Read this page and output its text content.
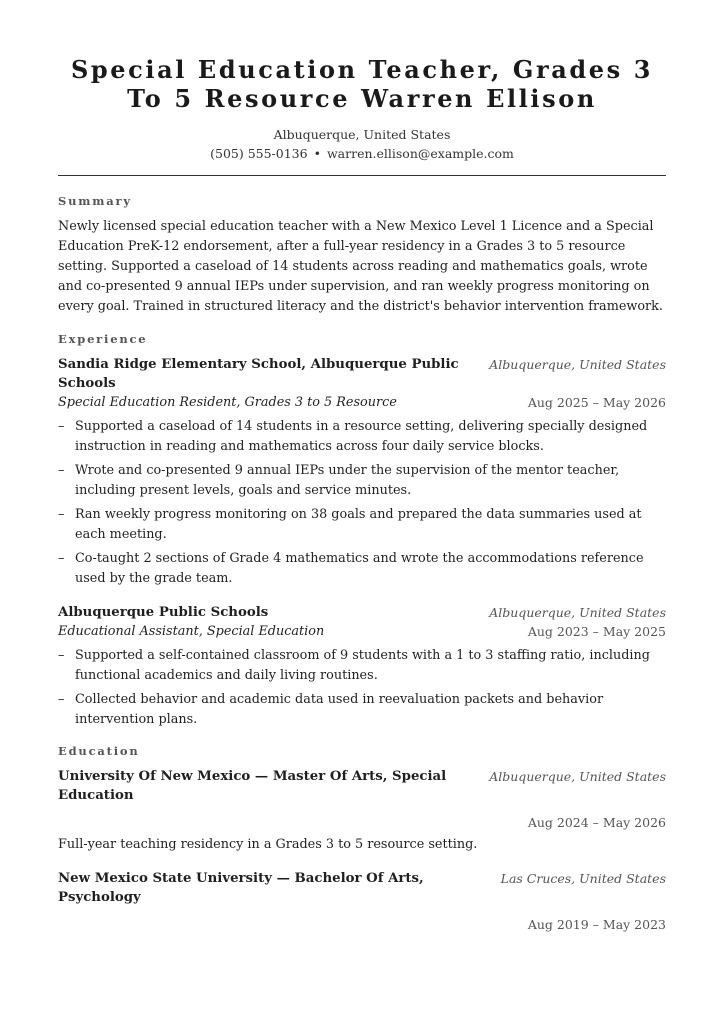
Special Education Teacher, Grades 3 To 5 Resource Warren Ellison
Albuquerque, United States
(505) 555-0136 • warren.ellison@example.com
Summary

Newly licensed special education teacher with a New Mexico Level 1 Licence and a Special Education PreK-12 endorsement, after a full-year residency in a Grades 3 to 5 resource setting. Supported a caseload of 14 students across reading and mathematics goals, wrote and co-presented 9 annual IEPs under supervision, and ran weekly progress monitoring on every goal. Trained in structured literacy and the district's behavior intervention framework.

Experience
Sandia Ridge Elementary School, Albuquerque Public Schools
Albuquerque, United States
Special Education Resident, Grades 3 to 5 Resource	Aug 2025 – May 2026
– Supported a caseload of 14 students in a resource setting, delivering specially designed instruction in reading and mathematics across four daily service blocks.
– Wrote and co-presented 9 annual IEPs under the supervision of the mentor teacher, including present levels, goals and service minutes.
– Ran weekly progress monitoring on 38 goals and prepared the data summaries used at each meeting.
– Co-taught 2 sections of Grade 4 mathematics and wrote the accommodations reference used by the grade team.
Albuquerque Public Schools	Albuquerque, United States
Educational Assistant, Special Education	Aug 2023 – May 2025
– Supported a self-contained classroom of 9 students with a 1 to 3 staffing ratio, including functional academics and daily living routines.
– Collected behavior and academic data used in reevaluation packets and behavior intervention plans.
Education
University Of New Mexico — Master Of Arts, Special Education
Albuquerque, United States
Aug 2024 – May 2026
Full-year teaching residency in a Grades 3 to 5 resource setting.
New Mexico State University — Bachelor Of Arts, Psychology
Las Cruces, United States
Aug 2019 – May 2023
